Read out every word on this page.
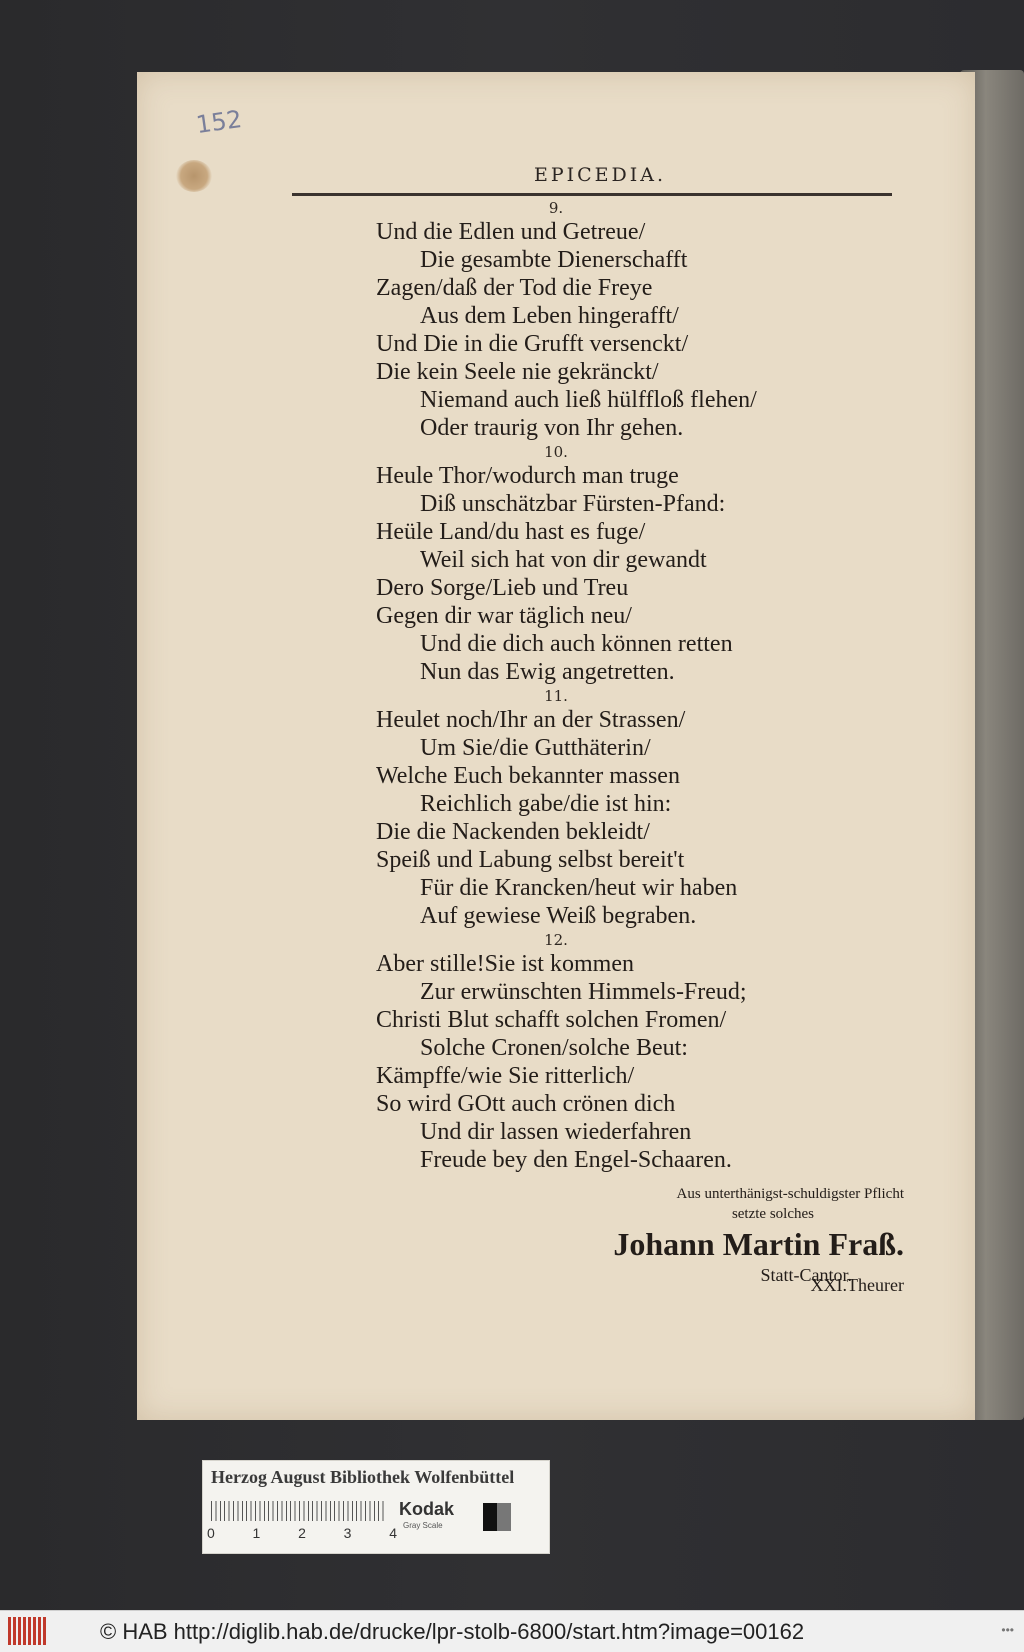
152
EPICEDIA.
9.
Und die Edlen und Getreue/
Die gesambte Dienerschafft
Zagen/daß der Tod die Freye
Aus dem Leben hingerafft/
Und Die in die Grufft versenckt/
Die kein Seele nie gekränckt/
Niemand auch ließ hülffloß flehen/
Oder traurig von Ihr gehen.
10.
Heule Thor/wodurch man truge
Diß unschätzbar Fürsten-Pfand:
Heüle Land/du hast es fuge/
Weil sich hat von dir gewandt
Dero Sorge/Lieb und Treu
Gegen dir war täglich neu/
Und die dich auch können retten
Nun das Ewig angetretten.
11.
Heulet noch/Ihr an der Strassen/
Um Sie/die Gutthäterin/
Welche Euch bekannter massen
Reichlich gabe/die ist hin:
Die die Nackenden bekleidt/
Speiß und Labung selbst bereit't
Für die Krancken/heut wir haben
Auf gewiese Weiß begraben.
12.
Aber stille!Sie ist kommen
Zur erwünschten Himmels-Freud;
Christi Blut schafft solchen Fromen/
Solche Cronen/solche Beut:
Kämpffe/wie Sie ritterlich/
So wird GOtt auch crönen dich
Und dir lassen wiederfahren
Freude bey den Engel-Schaaren.
Aus unterthänigst-schuldigster Pflicht
setzte solches
Johann Martin Fraß.
Statt-Cantor.
XXI.Theurer
Herzog August Bibliothek Wolfenbüttel
0	1	2	3	4
Kodak
Gray Scale
© HAB http://diglib.hab.de/drucke/lpr-stolb-6800/start.htm?image=00162	•••
